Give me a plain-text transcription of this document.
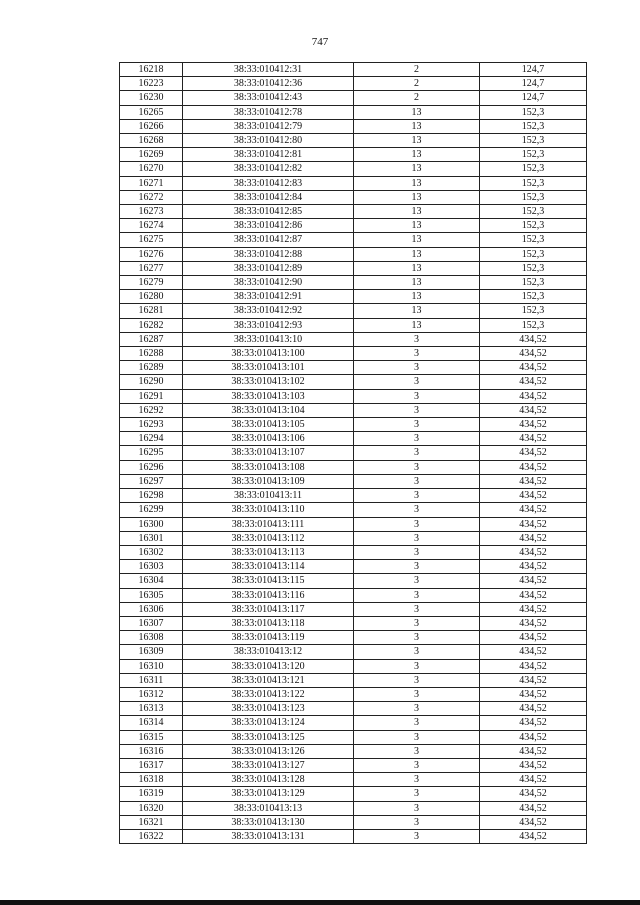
747
16218	38:33:010412:31	2	124,7
16223	38:33:010412:36	2	124,7
16230	38:33:010412:43	2	124,7
16265	38:33:010412:78	13	152,3
16266	38:33:010412:79	13	152,3
16268	38:33:010412:80	13	152,3
16269	38:33:010412:81	13	152,3
16270	38:33:010412:82	13	152,3
16271	38:33:010412:83	13	152,3
16272	38:33:010412:84	13	152,3
16273	38:33:010412:85	13	152,3
16274	38:33:010412:86	13	152,3
16275	38:33:010412:87	13	152,3
16276	38:33:010412:88	13	152,3
16277	38:33:010412:89	13	152,3
16279	38:33:010412:90	13	152,3
16280	38:33:010412:91	13	152,3
16281	38:33:010412:92	13	152,3
16282	38:33:010412:93	13	152,3
16287	38:33:010413:10	3	434,52
16288	38:33:010413:100	3	434,52
16289	38:33:010413:101	3	434,52
16290	38:33:010413:102	3	434,52
16291	38:33:010413:103	3	434,52
16292	38:33:010413:104	3	434,52
16293	38:33:010413:105	3	434,52
16294	38:33:010413:106	3	434,52
16295	38:33:010413:107	3	434,52
16296	38:33:010413:108	3	434,52
16297	38:33:010413:109	3	434,52
16298	38:33:010413:11	3	434,52
16299	38:33:010413:110	3	434,52
16300	38:33:010413:111	3	434,52
16301	38:33:010413:112	3	434,52
16302	38:33:010413:113	3	434,52
16303	38:33:010413:114	3	434,52
16304	38:33:010413:115	3	434,52
16305	38:33:010413:116	3	434,52
16306	38:33:010413:117	3	434,52
16307	38:33:010413:118	3	434,52
16308	38:33:010413:119	3	434,52
16309	38:33:010413:12	3	434,52
16310	38:33:010413:120	3	434,52
16311	38:33:010413:121	3	434,52
16312	38:33:010413:122	3	434,52
16313	38:33:010413:123	3	434,52
16314	38:33:010413:124	3	434,52
16315	38:33:010413:125	3	434,52
16316	38:33:010413:126	3	434,52
16317	38:33:010413:127	3	434,52
16318	38:33:010413:128	3	434,52
16319	38:33:010413:129	3	434,52
16320	38:33:010413:13	3	434,52
16321	38:33:010413:130	3	434,52
16322	38:33:010413:131	3	434,52
